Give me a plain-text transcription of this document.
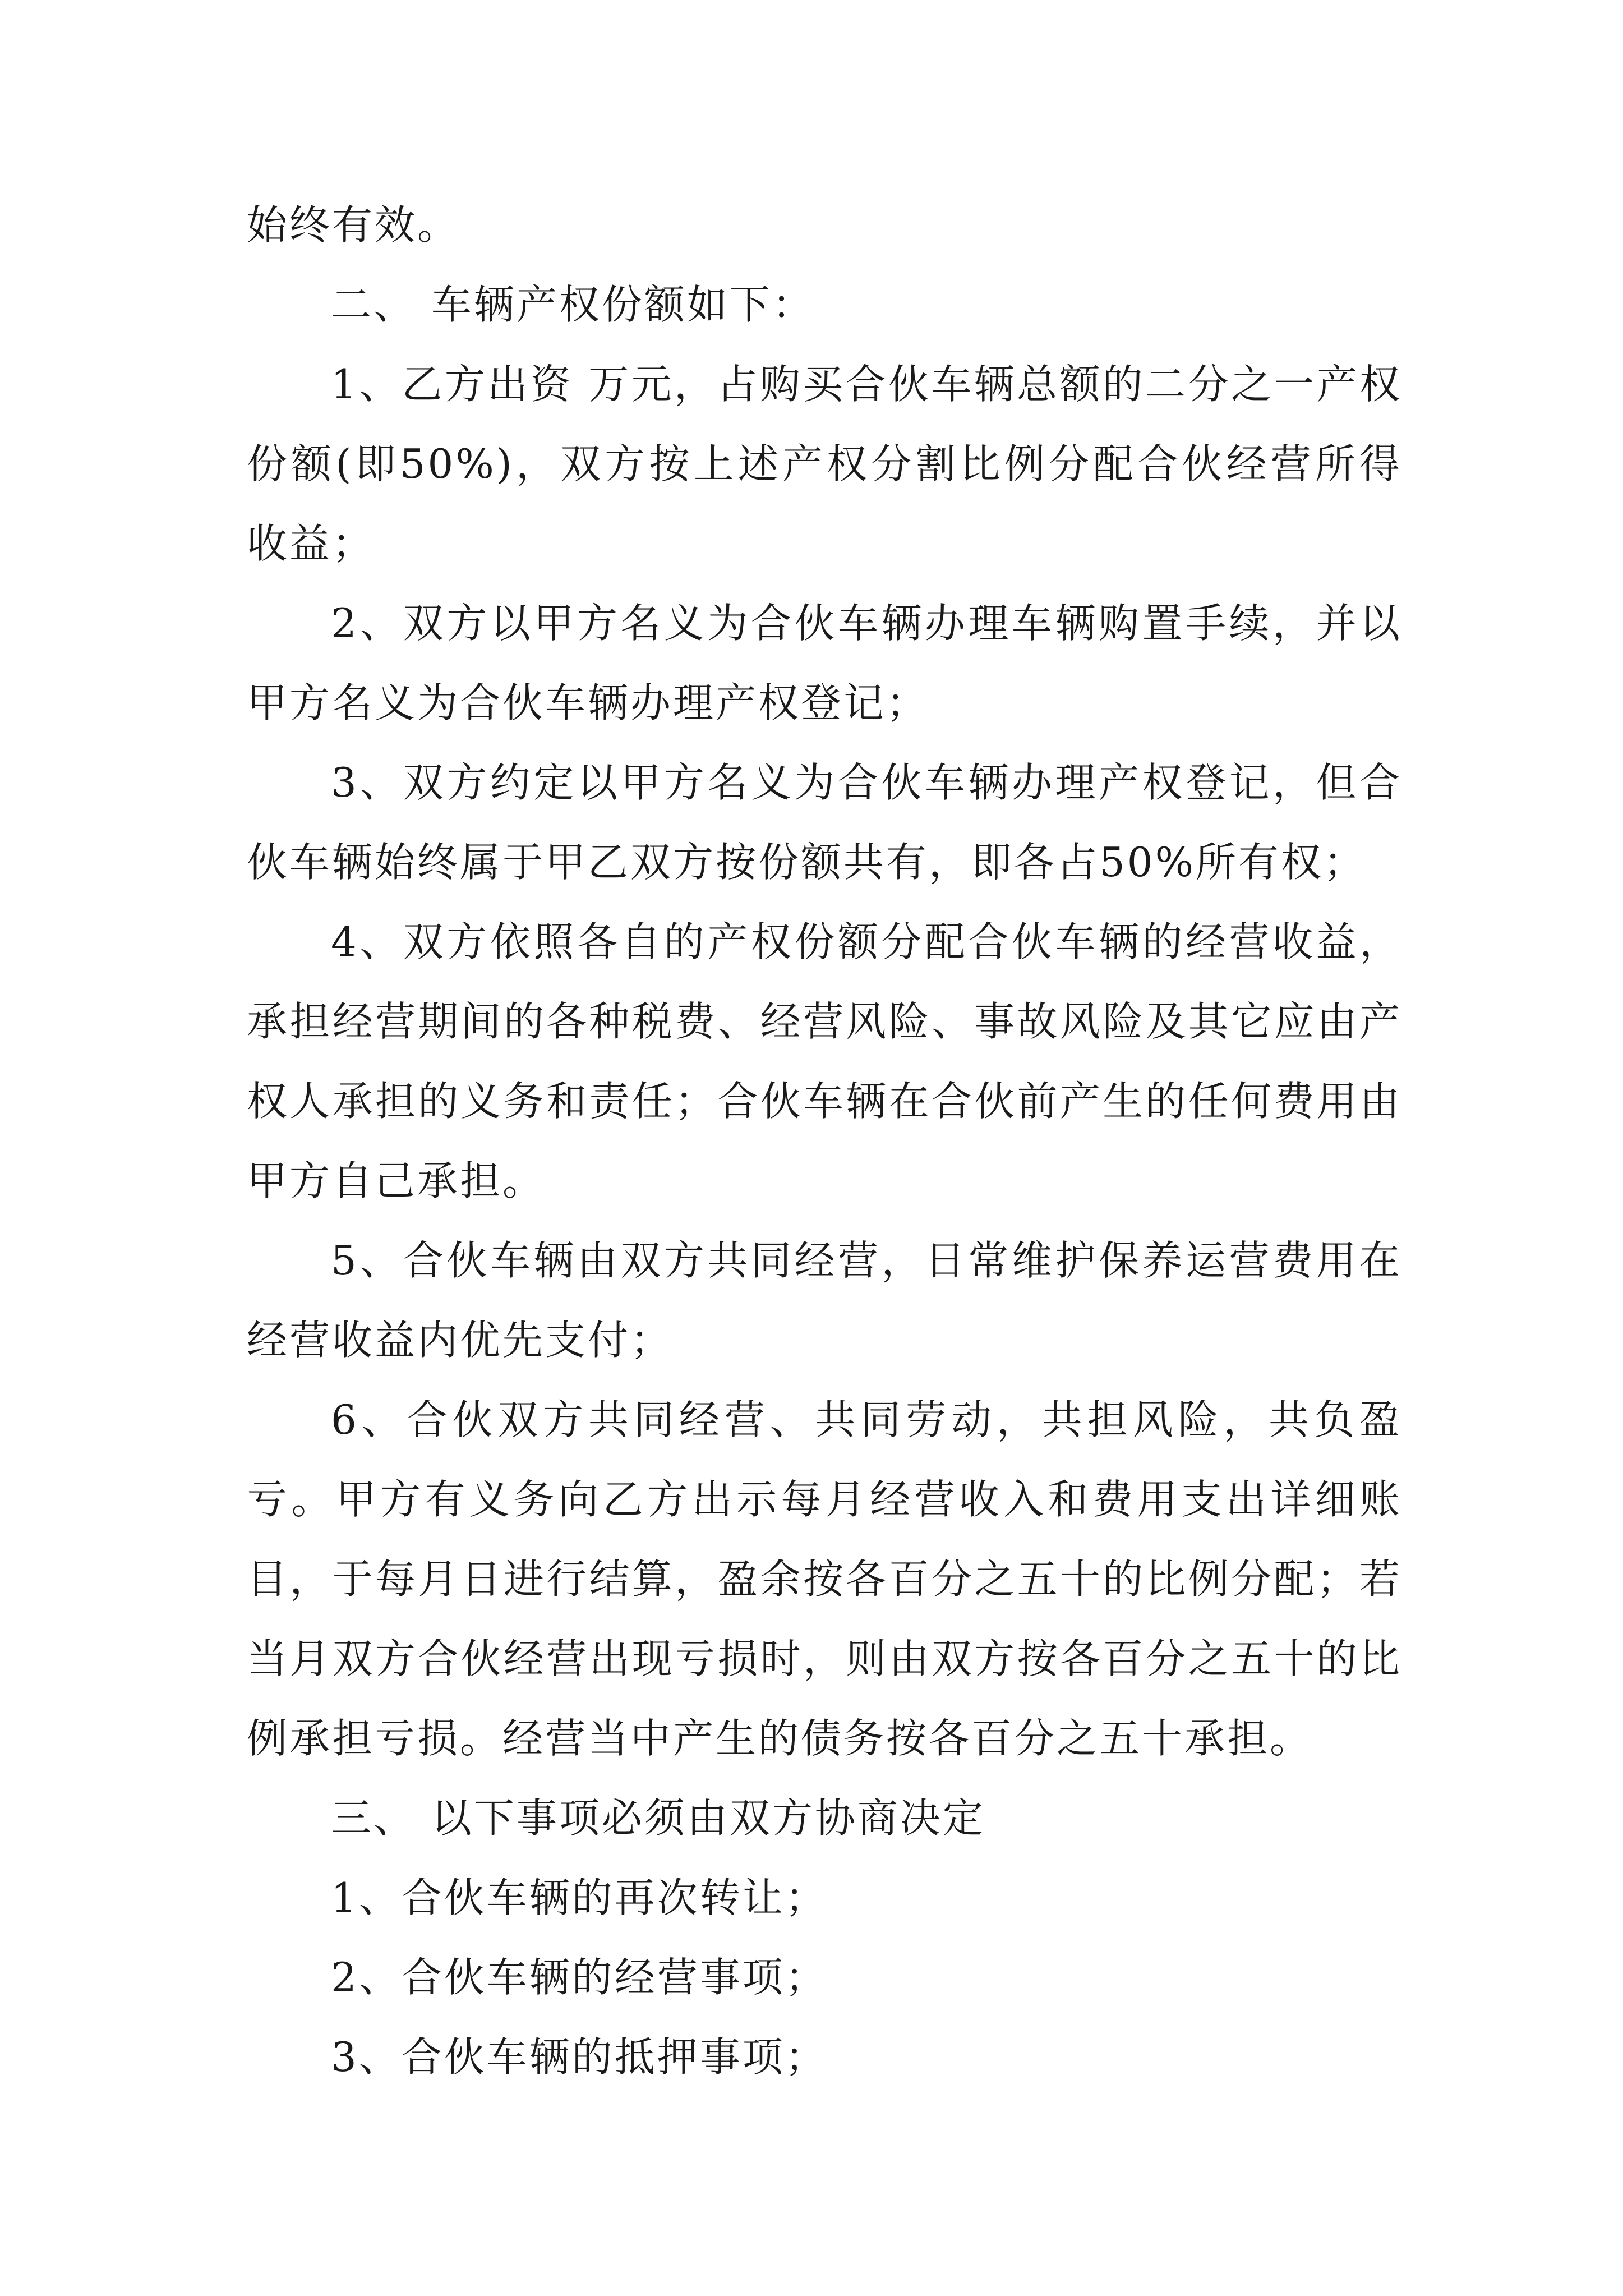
始终有效。

二、 车辆产权份额如下：

1、乙方出资 万元，占购买合伙车辆总额的二分之一产权份额(即50%)，双方按上述产权分割比例分配合伙经营所得收益；

2、双方以甲方名义为合伙车辆办理车辆购置手续，并以甲方名义为合伙车辆办理产权登记；

3、双方约定以甲方名义为合伙车辆办理产权登记，但合伙车辆始终属于甲乙双方按份额共有，即各占50%所有权；

4、双方依照各自的产权份额分配合伙车辆的经营收益，承担经营期间的各种税费、经营风险、事故风险及其它应由产权人承担的义务和责任；合伙车辆在合伙前产生的任何费用由甲方自己承担。

5、合伙车辆由双方共同经营，日常维护保养运营费用在经营收益内优先支付；

6、合伙双方共同经营、共同劳动，共担风险，共负盈亏。甲方有义务向乙方出示每月经营收入和费用支出详细账目，于每月日进行结算，盈余按各百分之五十的比例分配；若当月双方合伙经营出现亏损时，则由双方按各百分之五十的比例承担亏损。经营当中产生的债务按各百分之五十承担。

三、 以下事项必须由双方协商决定

1、合伙车辆的再次转让；

2、合伙车辆的经营事项；

3、合伙车辆的抵押事项；
